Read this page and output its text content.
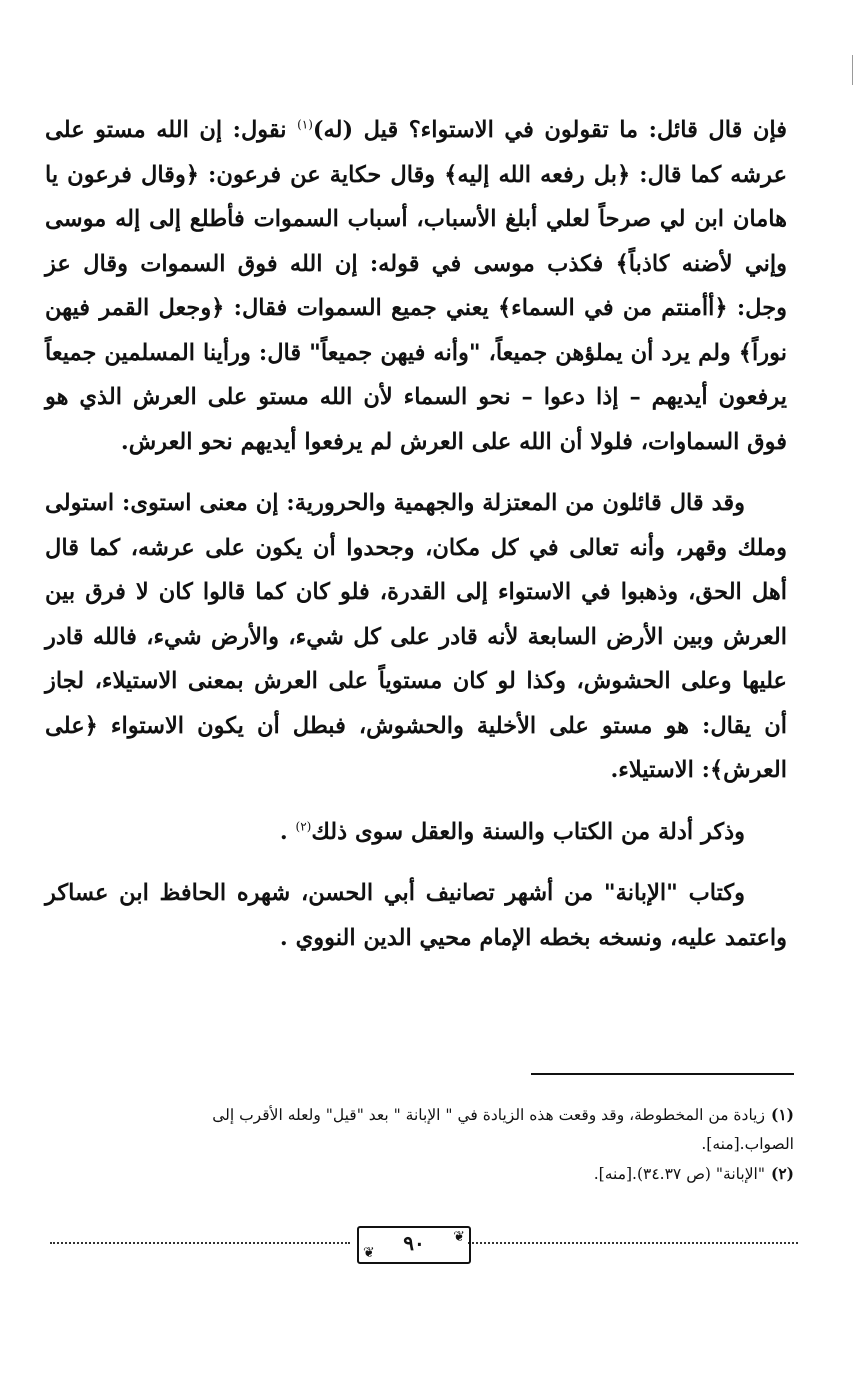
فإن قال قائل: ما تقولون في الاستواء؟ قيل (له)$^{(١)}$ نقول: إن الله مستو على عرشه كما قال: ﴿بل رفعه الله إليه﴾ وقال حكاية عن فرعون: ﴿وقال فرعون يا هامان ابن لي صرحاً لعلي أبلغ الأسباب، أسباب السموات فأطلع إلى إله موسى وإني لأضنه كاذباً﴾ فكذب موسى في قوله: إن الله فوق السموات وقال عز وجل: ﴿أأمنتم من في السماء﴾ يعني جميع السموات فقال: ﴿وجعل القمر فيهن نوراً﴾ ولم يرد أن يملؤهن جميعاً، "وأنه فيهن جميعاً" قال: ورأينا المسلمين جميعاً يرفعون أيديهم – إذا دعوا – نحو السماء لأن الله مستو على العرش الذي هو فوق السماوات، فلولا أن الله على العرش لم يرفعوا أيديهم نحو العرش.

وقد قال قائلون من المعتزلة والجهمية والحرورية: إن معنى استوى: استولى وملك وقهر، وأنه تعالى في كل مكان، وجحدوا أن يكون على عرشه، كما قال أهل الحق، وذهبوا في الاستواء إلى القدرة، فلو كان كما قالوا كان لا فرق بين العرش وبين الأرض السابعة لأنه قادر على كل شيء، والأرض شيء، فالله قادر عليها وعلى الحشوش، وكذا لو كان مستوياً على العرش بمعنى الاستيلاء، لجاز أن يقال: هو مستو على الأخلية والحشوش، فبطل أن يكون الاستواء ﴿على العرش﴾: الاستيلاء.

وذكر أدلة من الكتاب والسنة والعقل سوى ذلك$^{(٢)}$ .

وكتاب "الإبانة" من أشهر تصانيف أبي الحسن، شهره الحافظ ابن عساكر واعتمد عليه، ونسخه بخطه الإمام محيي الدين النووي .

(١)زيادة من المخطوطة، وقد وقعت هذه الزيادة في " الإبانة " بعد "قيل" ولعله الأقرب إلى
الصواب.[منه].

(٢)"الإبانة" (ص ٣٤.٣٧).[منه].

❦
٩٠
❦
